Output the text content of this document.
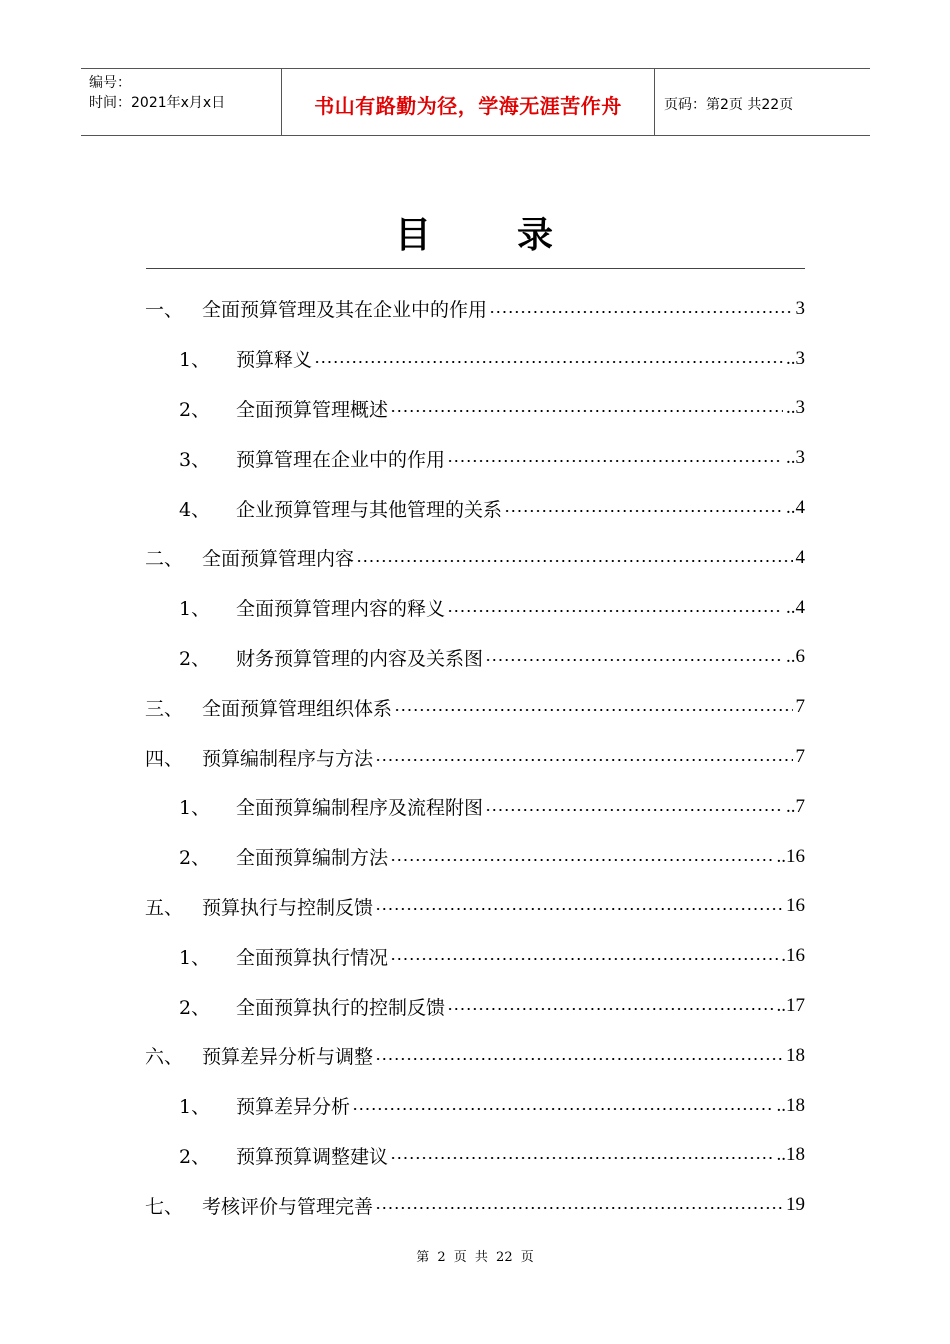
编号：
时间：2021年x月x日	书山有路勤为径，学海无涯苦作舟	页码：第2页 共22页
目 录
一、 全面预算管理及其在企业中的作用	3
1、	预算释义	..3
2、	全面预算管理概述	..3
3、	预算管理在企业中的作用	..3
4、	企业预算管理与其他管理的关系	..4
二、 全面预算管理内容	4
1、	全面预算管理内容的释义	..4
2、	财务预算管理的内容及关系图	..6
三、 全面预算管理组织体系	7
四、 预算编制程序与方法	7
1、	全面预算编制程序及流程附图	..7
2、	全面预算编制方法	..16
五、 预算执行与控制反馈	16
1、	全面预算执行情况	.16
2、	全面预算执行的控制反馈	..17
六、 预算差异分析与调整	18
1、	预算差异分析	..18
2、	预算预算调整建议	..18
七、 考核评价与管理完善	19
第 2 页 共 22 页
